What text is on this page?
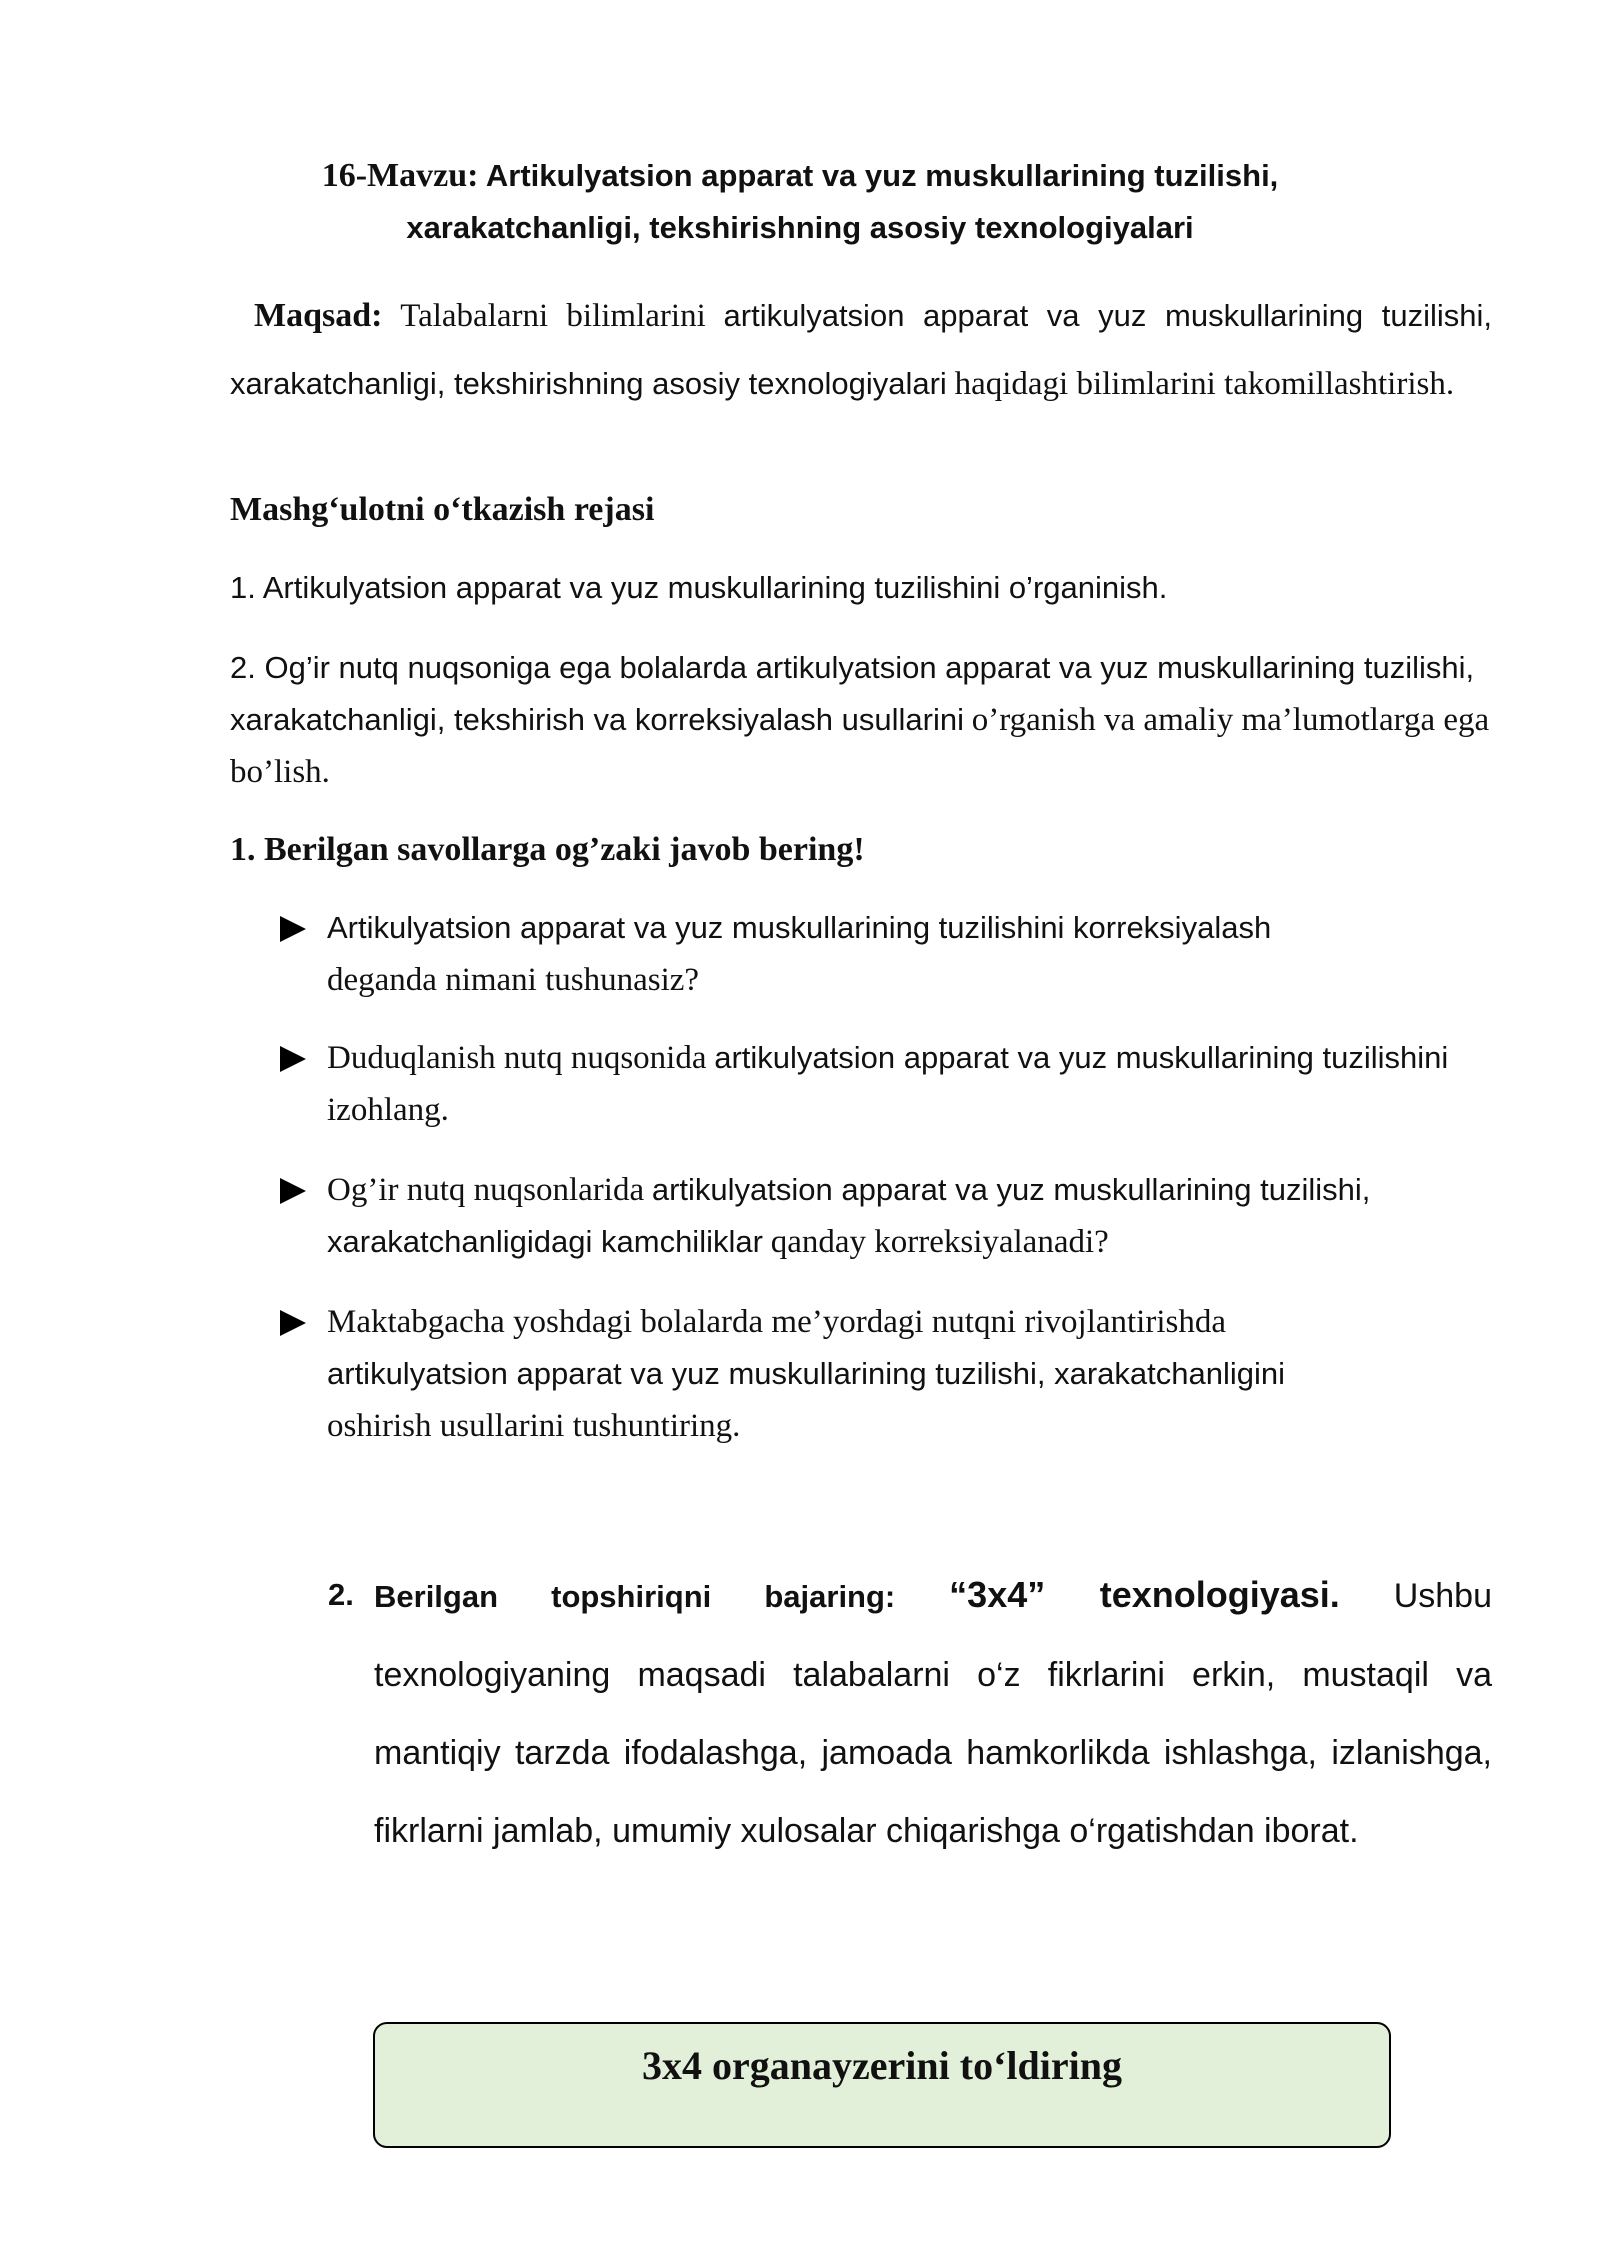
16-Mavzu: Artikulyatsion apparat va yuz muskullarining tuzilishi,
xarakatchanligi, tekshirishning asosiy texnologiyalari
Maqsad: Talabalarni bilimlarini artikulyatsion apparat va yuz muskullarining tuzilishi, xarakatchanligi, tekshirishning asosiy texnologiyalari haqidagi bilimlarini takomillashtirish.
Mashg‘ulotni o‘tkazish rejasi
1. Artikulyatsion apparat va yuz muskullarining tuzilishini o’rganinish.
2. Og’ir nutq nuqsoniga ega bolalarda artikulyatsion apparat va yuz muskullarining tuzilishi, xarakatchanligi, tekshirish va korreksiyalash usullarini o’rganish va amaliy ma’lumotlarga ega bo’lish.
1. Berilgan savollarga og’zaki javob bering!
Artikulyatsion apparat va yuz muskullarining tuzilishini korreksiyalash
deganda nimani tushunasiz?
Duduqlanish nutq nuqsonida artikulyatsion apparat va yuz muskullarining tuzilishini izohlang.
Og’ir nutq nuqsonlarida artikulyatsion apparat va yuz muskullarining tuzilishi, xarakatchanligidagi kamchiliklar qanday korreksiyalanadi?
Maktabgacha yoshdagi bolalarda me’yordagi nutqni rivojlantirishda
artikulyatsion apparat va yuz muskullarining tuzilishi, xarakatchanligini
oshirish usullarini tushuntiring.
2. Berilgan topshiriqni bajaring: “3x4” texnologiyasi. Ushbu texnologiyaning maqsadi talabalarni o‘z fikrlarini erkin, mustaqil va mantiqiy tarzda ifodalashga, jamoada hamkorlikda ishlashga, izlanishga, fikrlarni jamlab, umumiy xulosalar chiqarishga o‘rgatishdan iborat.
3x4 organayzerini to‘ldiring
